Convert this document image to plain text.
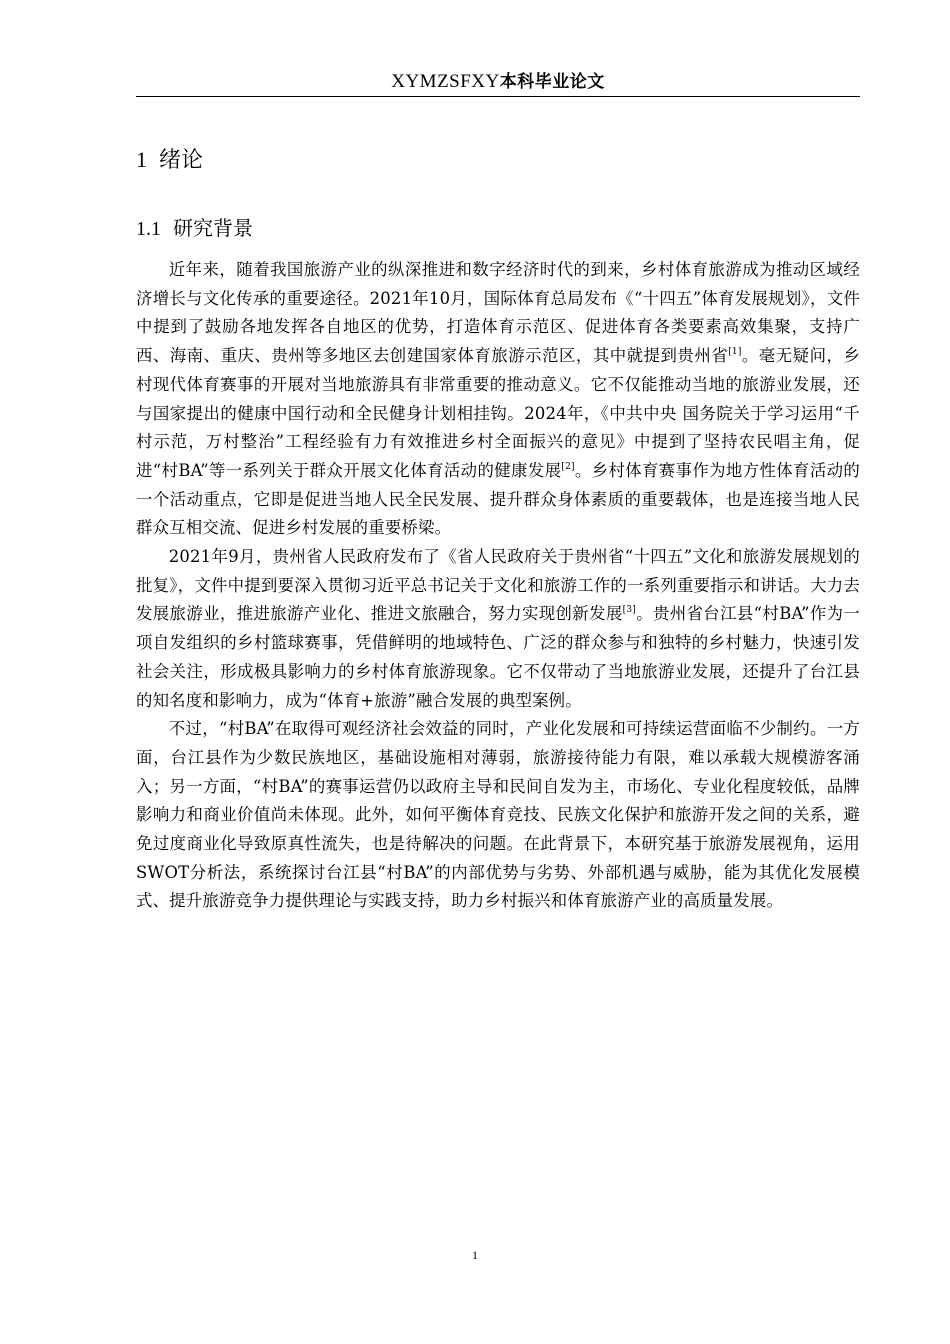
XYMZSFXY本科毕业论文
1 绪论
1.1 研究背景

近年来，随着我国旅游产业的纵深推进和数字经济时代的到来，乡村体育旅游成为推动区域经济增长与文化传承的重要途径。2021年10月，国际体育总局发布《“十四五”体育发展规划》，文件中提到了鼓励各地发挥各自地区的优势，打造体育示范区、促进体育各类要素高效集聚，支持广西、海南、重庆、贵州等多地区去创建国家体育旅游示范区，其中就提到贵州省[1]。毫无疑问，乡村现代体育赛事的开展对当地旅游具有非常重要的推动意义。它不仅能推动当地的旅游业发展，还与国家提出的健康中国行动和全民健身计划相挂钩。2024年，《中共中央 国务院关于学习运用“千村示范，万村整治”工程经验有力有效推进乡村全面振兴的意见》中提到了坚持农民唱主角，促进“村BA”等一系列关于群众开展文化体育活动的健康发展[2]。乡村体育赛事作为地方性体育活动的一个活动重点，它即是促进当地人民全民发展、提升群众身体素质的重要载体，也是连接当地人民群众互相交流、促进乡村发展的重要桥梁。

2021年9月，贵州省人民政府发布了《省人民政府关于贵州省“十四五”文化和旅游发展规划的批复》，文件中提到要深入贯彻习近平总书记关于文化和旅游工作的一系列重要指示和讲话。大力去发展旅游业，推进旅游产业化、推进文旅融合，努力实现创新发展[3]。贵州省台江县“村BA”作为一项自发组织的乡村篮球赛事，凭借鲜明的地域特色、广泛的群众参与和独特的乡村魅力，快速引发社会关注，形成极具影响力的乡村体育旅游现象。它不仅带动了当地旅游业发展，还提升了台江县的知名度和影响力，成为“体育+旅游”融合发展的典型案例。

不过，“村BA”在取得可观经济社会效益的同时，产业化发展和可持续运营面临不少制约。一方面，台江县作为少数民族地区，基础设施相对薄弱，旅游接待能力有限，难以承载大规模游客涌入；另一方面，“村BA”的赛事运营仍以政府主导和民间自发为主，市场化、专业化程度较低，品牌影响力和商业价值尚未体现。此外，如何平衡体育竞技、民族文化保护和旅游开发之间的关系，避免过度商业化导致原真性流失，也是待解决的问题。在此背景下，本研究基于旅游发展视角，运用SWOT分析法，系统探讨台江县“村BA”的内部优势与劣势、外部机遇与威胁，能为其优化发展模式、提升旅游竞争力提供理论与实践支持，助力乡村振兴和体育旅游产业的高质量发展。

1
